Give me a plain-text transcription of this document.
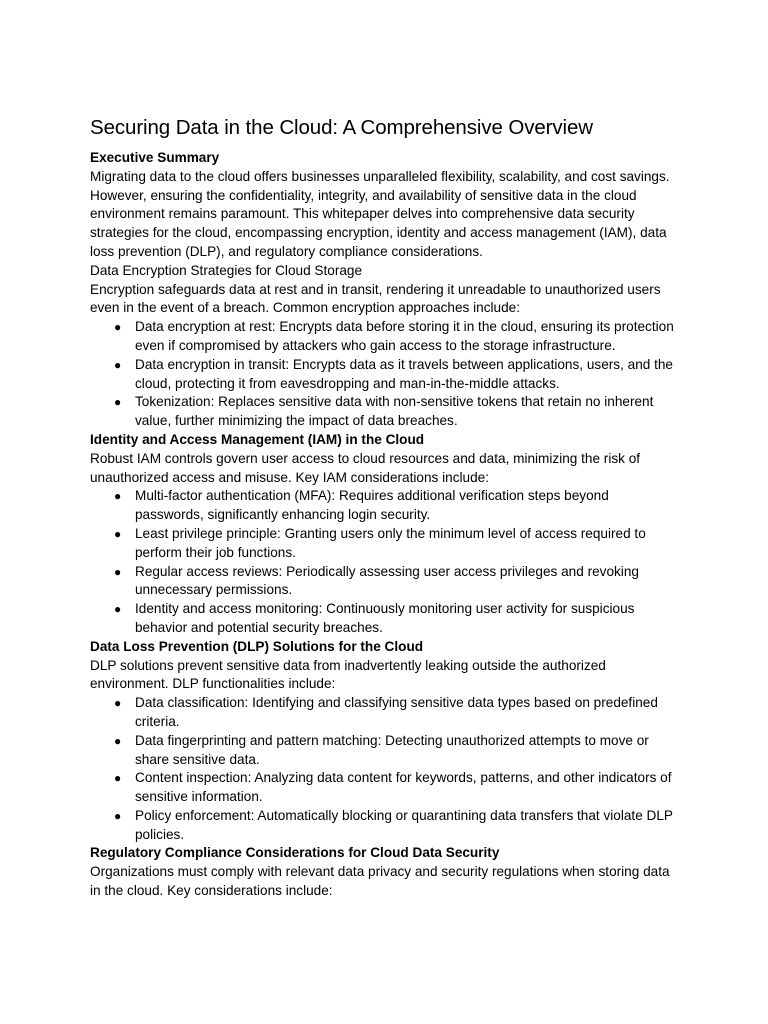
Securing Data in the Cloud: A Comprehensive Overview

Executive Summary

Migrating data to the cloud offers businesses unparalleled flexibility, scalability, and cost savings. However, ensuring the confidentiality, integrity, and availability of sensitive data in the cloud environment remains paramount. This whitepaper delves into comprehensive data security strategies for the cloud, encompassing encryption, identity and access management (IAM), data loss prevention (DLP), and regulatory compliance considerations.

Data Encryption Strategies for Cloud Storage

Encryption safeguards data at rest and in transit, rendering it unreadable to unauthorized users even in the event of a breach. Common encryption approaches include:

● Data encryption at rest: Encrypts data before storing it in the cloud, ensuring its protection even if compromised by attackers who gain access to the storage infrastructure.
● Data encryption in transit: Encrypts data as it travels between applications, users, and the cloud, protecting it from eavesdropping and man-in-the-middle attacks.
● Tokenization: Replaces sensitive data with non-sensitive tokens that retain no inherent value, further minimizing the impact of data breaches.

Identity and Access Management (IAM) in the Cloud

Robust IAM controls govern user access to cloud resources and data, minimizing the risk of unauthorized access and misuse. Key IAM considerations include:

● Multi-factor authentication (MFA): Requires additional verification steps beyond passwords, significantly enhancing login security.
● Least privilege principle: Granting users only the minimum level of access required to perform their job functions.
● Regular access reviews: Periodically assessing user access privileges and revoking unnecessary permissions.
● Identity and access monitoring: Continuously monitoring user activity for suspicious behavior and potential security breaches.

Data Loss Prevention (DLP) Solutions for the Cloud

DLP solutions prevent sensitive data from inadvertently leaking outside the authorized environment. DLP functionalities include:

● Data classification: Identifying and classifying sensitive data types based on predefined criteria.
● Data fingerprinting and pattern matching: Detecting unauthorized attempts to move or share sensitive data.
● Content inspection: Analyzing data content for keywords, patterns, and other indicators of sensitive information.
● Policy enforcement: Automatically blocking or quarantining data transfers that violate DLP policies.

Regulatory Compliance Considerations for Cloud Data Security

Organizations must comply with relevant data privacy and security regulations when storing data in the cloud. Key considerations include:
